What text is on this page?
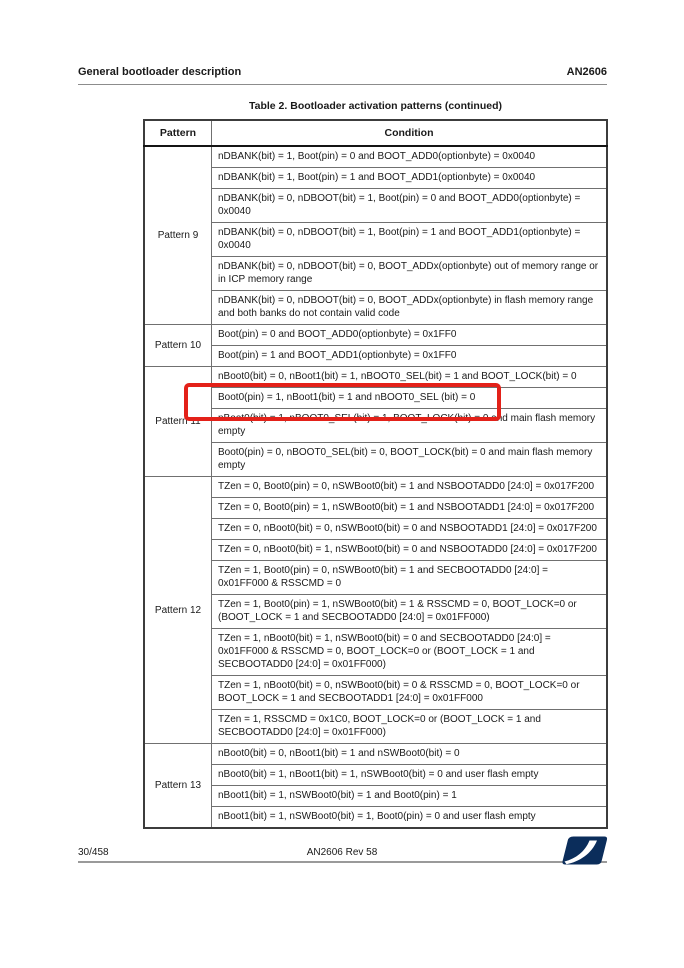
General bootloader description	AN2606
Table 2. Bootloader activation patterns (continued)
Pattern	Condition
Pattern 9	nDBANK(bit) = 1, Boot(pin) = 0 and BOOT_ADD0(optionbyte) = 0x0040
	nDBANK(bit) = 1, Boot(pin) = 1 and BOOT_ADD1(optionbyte) = 0x0040
	nDBANK(bit) = 0, nDBOOT(bit) = 1, Boot(pin) = 0 and BOOT_ADD0(optionbyte) = 0x0040
	nDBANK(bit) = 0, nDBOOT(bit) = 1, Boot(pin) = 1 and BOOT_ADD1(optionbyte) = 0x0040
	nDBANK(bit) = 0, nDBOOT(bit) = 0, BOOT_ADDx(optionbyte) out of memory range or in ICP memory range
	nDBANK(bit) = 0, nDBOOT(bit) = 0, BOOT_ADDx(optionbyte) in flash memory range and both banks do not contain valid code
Pattern 10	Boot(pin) = 0 and BOOT_ADD0(optionbyte) = 0x1FF0
	Boot(pin) = 1 and BOOT_ADD1(optionbyte) = 0x1FF0
Pattern 11	nBoot0(bit) = 0, nBoot1(bit) = 1, nBOOT0_SEL(bit) = 1 and BOOT_LOCK(bit) = 0
	Boot0(pin) = 1, nBoot1(bit) = 1 and nBOOT0_SEL (bit) = 0

	nBoot0(bit) = 1, nBOOT0_SEL(bit) = 1, BOOT_LOCK(bit) = 0 and main flash memory empty
	Boot0(pin) = 0, nBOOT0_SEL(bit) = 0, BOOT_LOCK(bit) = 0 and main flash memory empty
Pattern 12	TZen = 0, Boot0(pin) = 0, nSWBoot0(bit) = 1 and NSBOOTADD0 [24:0] = 0x017F200
	TZen = 0, Boot0(pin) = 1, nSWBoot0(bit) = 1 and NSBOOTADD1 [24:0] = 0x017F200
	TZen = 0, nBoot0(bit) = 0, nSWBoot0(bit) = 0 and NSBOOTADD1 [24:0] = 0x017F200
	TZen = 0, nBoot0(bit) = 1, nSWBoot0(bit) = 0 and NSBOOTADD0 [24:0] = 0x017F200
	TZen = 1, Boot0(pin) = 0, nSWBoot0(bit) = 1 and SECBOOTADD0 [24:0] = 0x01FF000 & RSSCMD = 0
	TZen = 1, Boot0(pin) = 1, nSWBoot0(bit) = 1 & RSSCMD = 0, BOOT_LOCK=0 or (BOOT_LOCK = 1 and SECBOOTADD0 [24:0] = 0x01FF000)
	TZen = 1, nBoot0(bit) = 1, nSWBoot0(bit) = 0 and SECBOOTADD0 [24:0] = 0x01FF000 & RSSCMD = 0, BOOT_LOCK=0 or (BOOT_LOCK = 1 and SECBOOTADD0 [24:0] = 0x01FF000)
	TZen = 1, nBoot0(bit) = 0, nSWBoot0(bit) = 0 & RSSCMD = 0, BOOT_LOCK=0 or BOOT_LOCK = 1 and SECBOOTADD1 [24:0] = 0x01FF000
	TZen = 1, RSSCMD = 0x1C0, BOOT_LOCK=0 or (BOOT_LOCK = 1 and SECBOOTADD0 [24:0] = 0x01FF000)
Pattern 13	nBoot0(bit) = 0, nBoot1(bit) = 1 and nSWBoot0(bit) = 0
	nBoot0(bit) = 1, nBoot1(bit) = 1, nSWBoot0(bit) = 0 and user flash empty
	nBoot1(bit) = 1, nSWBoot0(bit) = 1 and Boot0(pin) = 1
	nBoot1(bit) = 1, nSWBoot0(bit) = 1, Boot0(pin) = 0 and user flash empty
30/458	AN2606 Rev 58
